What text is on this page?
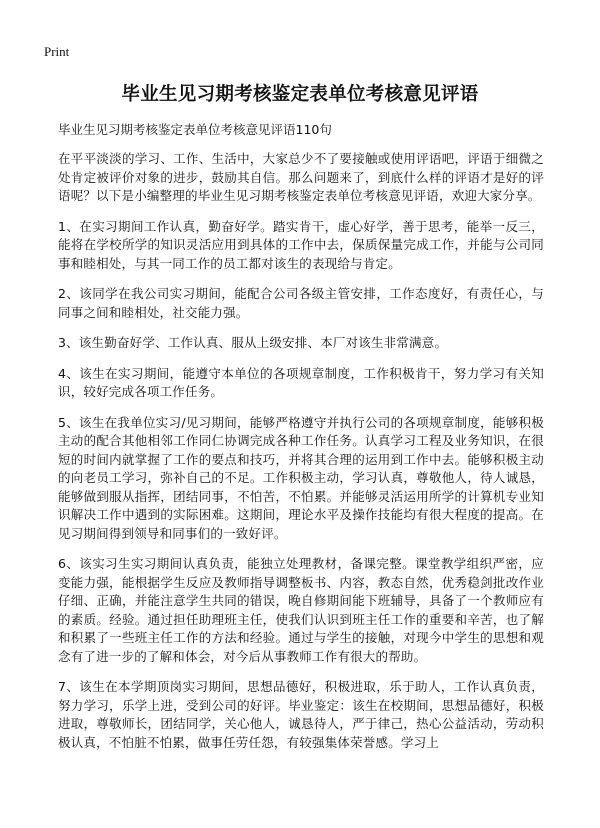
Print
毕业生见习期考核鉴定表单位考核意见评语

毕业生见习期考核鉴定表单位考核意见评语110句

在平平淡淡的学习、工作、生活中，大家总少不了要接触或使用评语吧，评语于细微之处肯定被评价对象的进步，鼓励其自信。那么问题来了，到底什么样的评语才是好的评语呢？以下是小编整理的毕业生见习期考核鉴定表单位考核意见评语，欢迎大家分享。

1、在实习期间工作认真，勤奋好学。踏实肯干，虚心好学，善于思考，能举一反三，能将在学校所学的知识灵活应用到具体的工作中去，保质保量完成工作，并能与公司同事和睦相处，与其一同工作的员工都对该生的表现给与肯定。

2、该同学在我公司实习期间，能配合公司各级主管安排，工作态度好，有责任心，与同事之间和睦相处，社交能力强。

3、该生勤奋好学、工作认真、服从上级安排、本厂对该生非常满意。

4、该生在实习期间，能遵守本单位的各项规章制度，工作积极肯干，努力学习有关知识，较好完成各项工作任务。

5、该生在我单位实习/见习期间，能够严格遵守并执行公司的各项规章制度，能够积极主动的配合其他相邻工作同仁协调完成各种工作任务。认真学习工程及业务知识，在很短的时间内就掌握了工作的要点和技巧，并将其合理的运用到工作中去。能够积极主动的向老员工学习，弥补自己的不足。工作积极主动，学习认真，尊敬他人，待人诚恳，能够做到服从指挥，团结同事，不怕苦，不怕累。并能够灵活运用所学的计算机专业知识解决工作中遇到的实际困难。这期间，理论水平及操作技能均有很大程度的提高。在见习期间得到领导和同事们的一致好评。

6、该实习生实习期间认真负责，能独立处理教材，备课完整。课堂教学组织严密，应变能力强，能根据学生反应及教师指导调整板书、内容，教态自然，优秀稳剑批改作业仔细、正确，并能注意学生共同的错误，晚自修期间能下班辅导，具备了一个教师应有的素质。经验。通过担任助理班主任，使我们认识到班主任工作的重要和辛苦，也了解和积累了一些班主任工作的方法和经验。通过与学生的接触，对现今中学生的思想和观念有了进一步的了解和体会，对今后从事教师工作有很大的帮助。

7、该生在本学期顶岗实习期间，思想品德好，积极进取，乐于助人，工作认真负责，努力学习，乐学上进，受到公司的好评。毕业鉴定：该生在校期间，思想品德好，积极进取，尊敬师长，团结同学，关心他人，诚恳待人，严于律己，热心公益活动，劳动积极认真，不怕脏不怕累，做事任劳任怨，有较强集体荣誉感。学习上
